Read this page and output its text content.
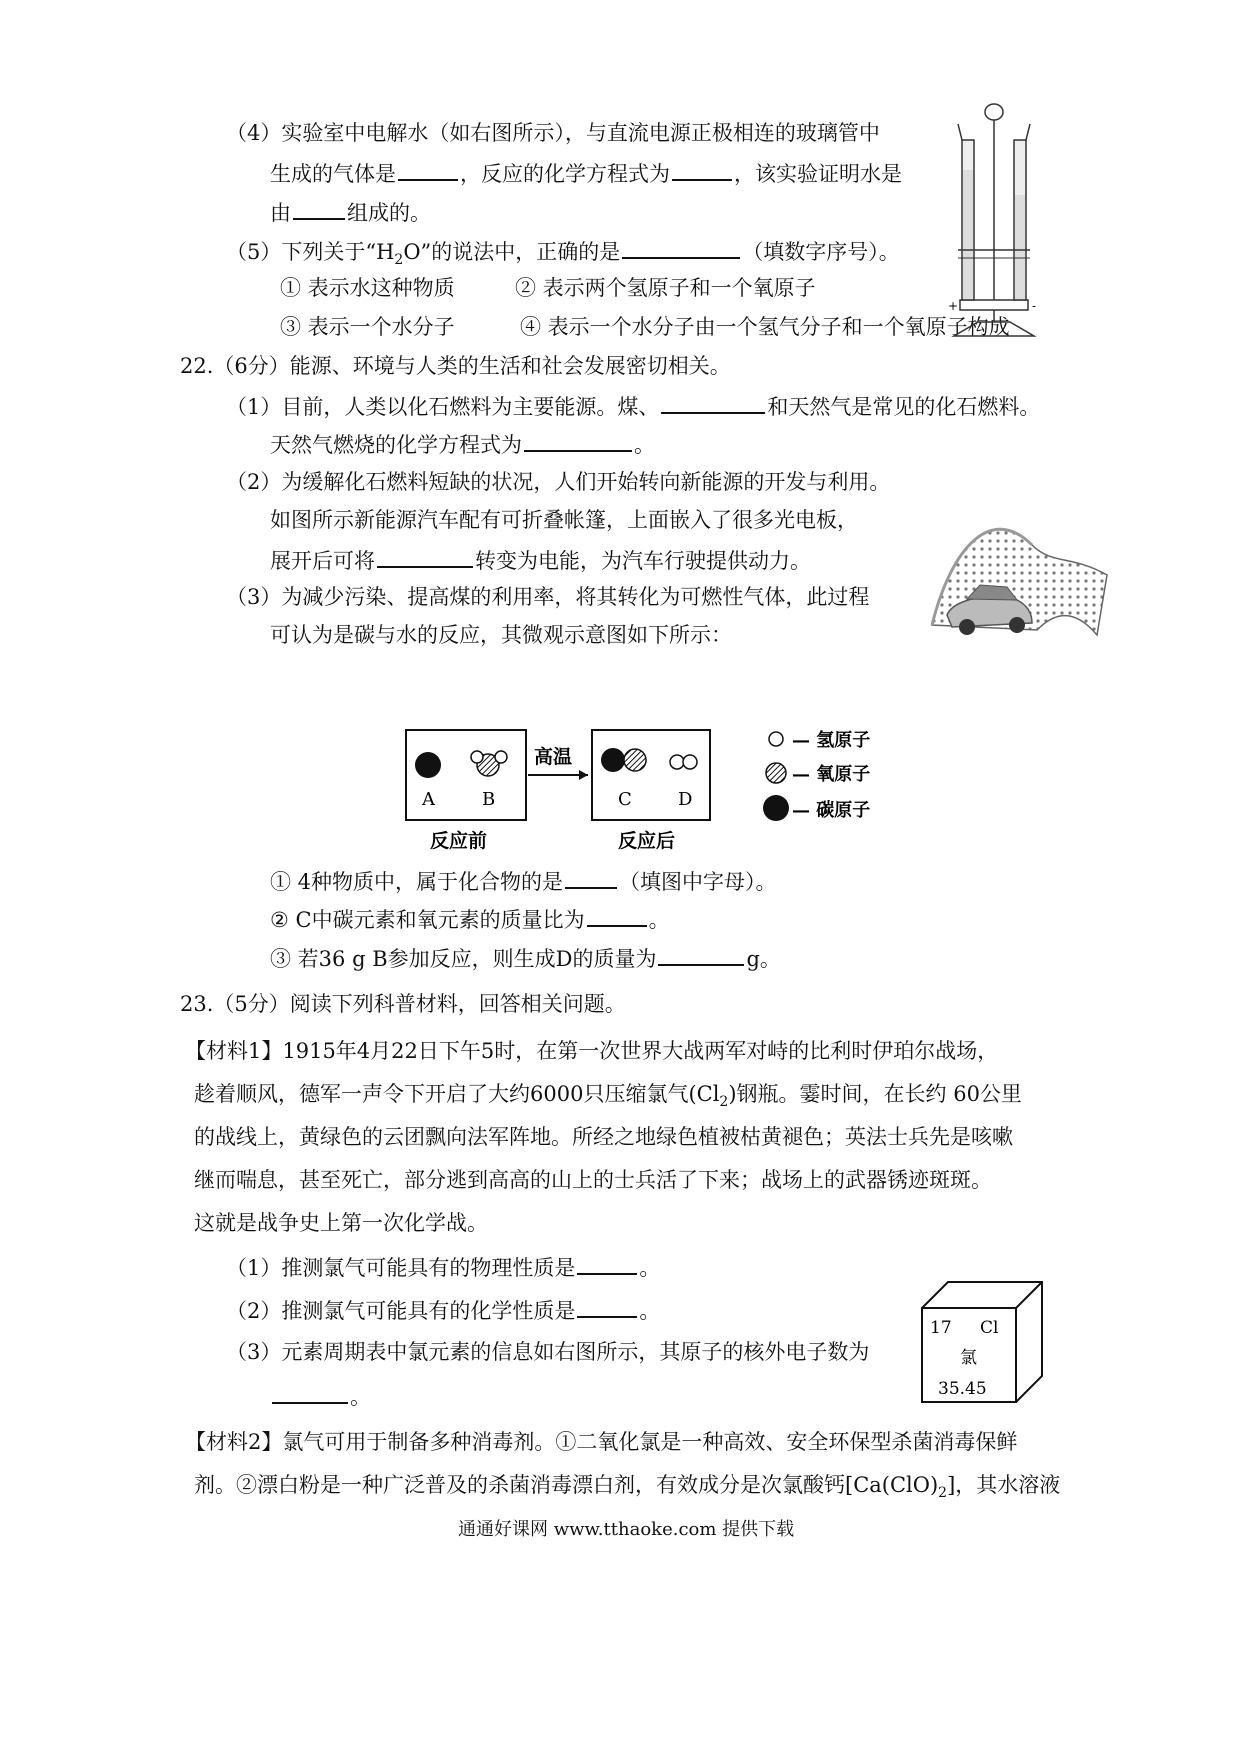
（4）实验室中电解水（如右图所示），与直流电源正极相连的玻璃管中
生成的气体是	，反应的化学方程式为	，该实验证明水是
由	组成的。
（5）下列关于“$H_2O$”的说法中，正确的是	（填数字序号）。
① 表示水这种物质	② 表示两个氢原子和一个氧原子
③ 表示一个水分子	④ 表示一个水分子由一个氢气分子和一个氧原子构成
+	-
22.（6分）能源、环境与人类的生活和社会发展密切相关。
（1）目前，人类以化石燃料为主要能源。煤、	和天然气是常见的化石燃料。
天然气燃烧的化学方程式为	。
（2）为缓解化石燃料短缺的状况，人们开始转向新能源的开发与利用。
如图所示新能源汽车配有可折叠帐篷，上面嵌入了很多光电板，
展开后可将	转变为电能，为汽车行驶提供动力。
（3）为减少污染、提高煤的利用率，将其转化为可燃性气体，此过程
可认为是碳与水的反应，其微观示意图如下所示：
A	B
高温
C	D
反应前	反应后
— 氢原子
— 氧原子
— 碳原子
① 4种物质中，属于化合物的是	（填图中字母）。
② C中碳元素和氧元素的质量比为	。
③ 若36 g B参加反应，则生成D的质量为	g。
23.（5分）阅读下列科普材料，回答相关问题。
【材料1】1915年4月22日下午5时，在第一次世界大战两军对峙的比利时伊珀尔战场，
趁着顺风，德军一声令下开启了大约6000只压缩氯气$(Cl_2)$钢瓶。霎时间，在长约 60公里
的战线上，黄绿色的云团飘向法军阵地。所经之地绿色植被枯黄褪色；英法士兵先是咳嗽
继而喘息，甚至死亡，部分逃到高高的山上的士兵活了下来；战场上的武器锈迹斑斑。
这就是战争史上第一次化学战。
（1）推测氯气可能具有的物理性质是	。
（2）推测氯气可能具有的化学性质是	。
（3）元素周期表中氯元素的信息如右图所示，其原子的核外电子数为
。
17 Cl
氯
35.45
【材料2】氯气可用于制备多种消毒剂。①二氧化氯是一种高效、安全环保型杀菌消毒保鲜
剂。②漂白粉是一种广泛普及的杀菌消毒漂白剂，有效成分是次氯酸钙$[Ca(ClO)_2]$，其水溶液
通通好课网 www.tthaoke.com 提供下载
